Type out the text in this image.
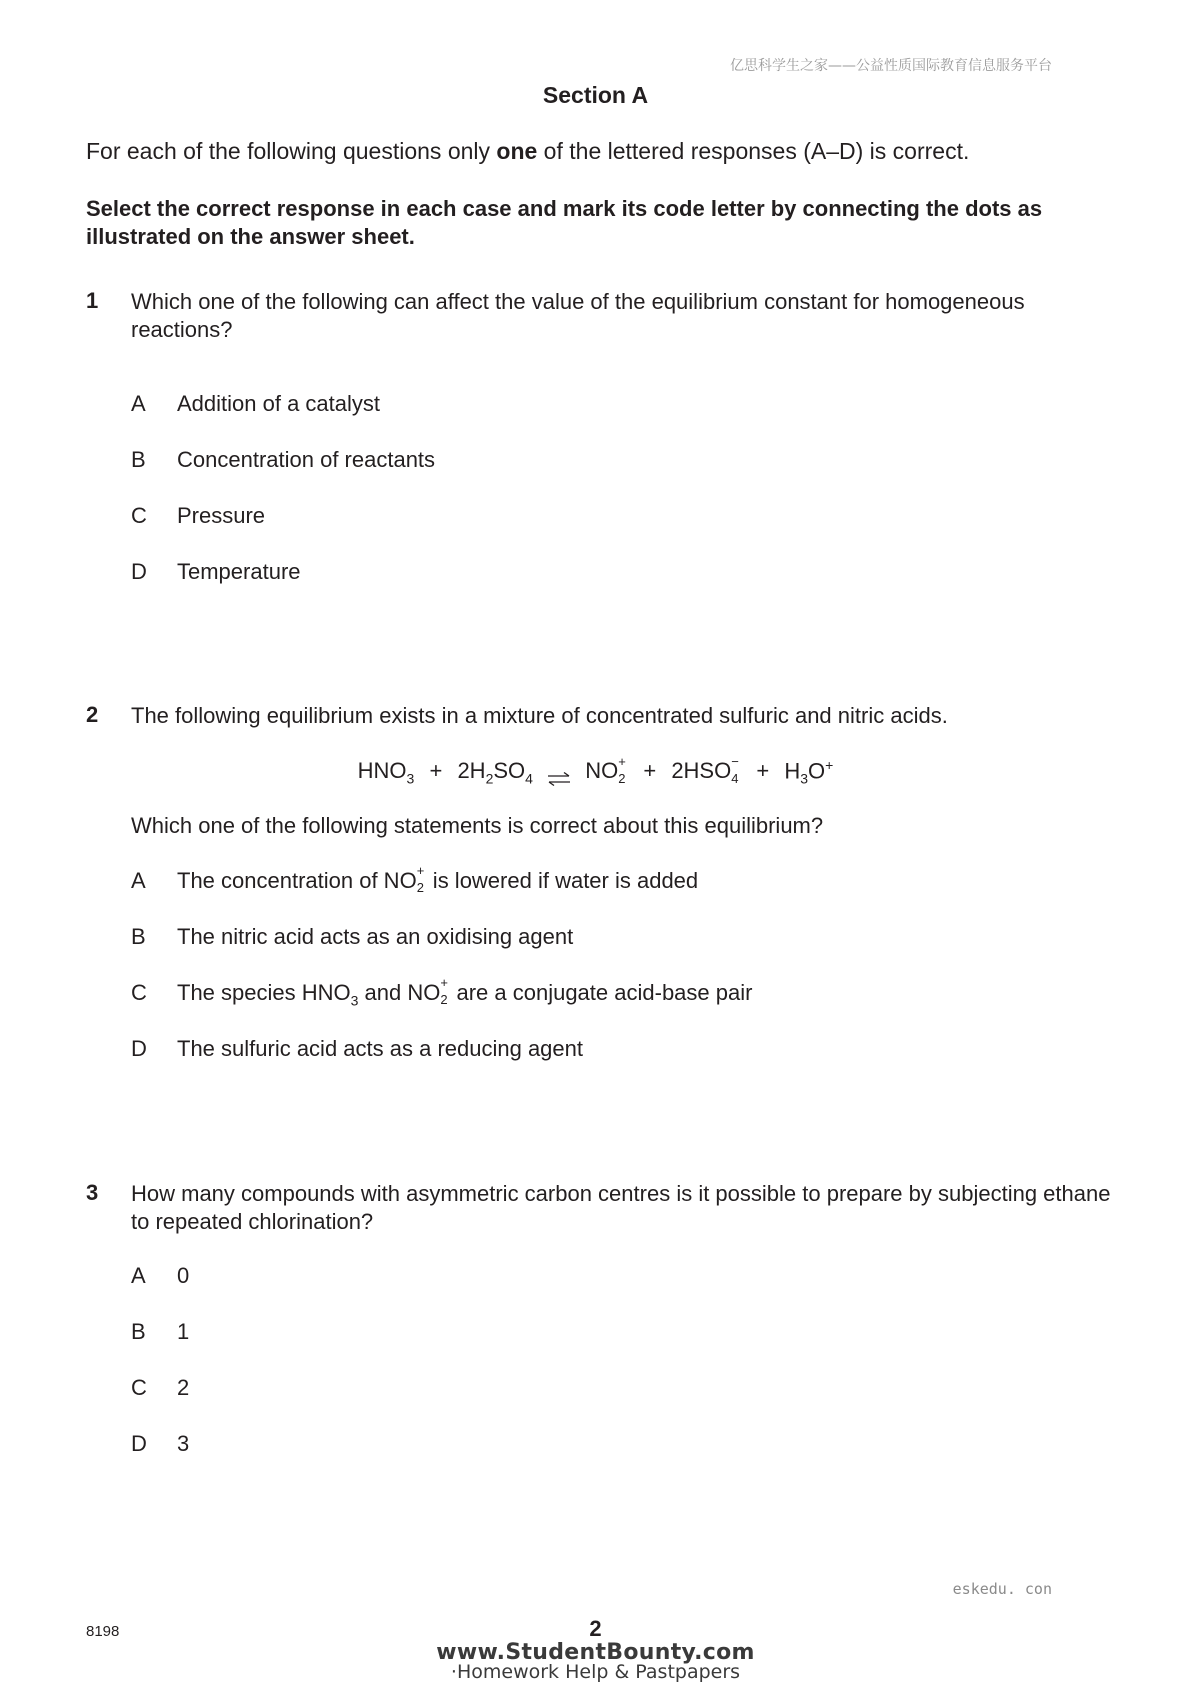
亿思科学生之家——公益性质国际教育信息服务平台
Section A
For each of the following questions only one of the lettered responses (A–D) is correct.
Select the correct response in each case and mark its code letter by connecting the dots as illustrated on the answer sheet.
1 Which one of the following can affect the value of the equilibrium constant for homogeneous reactions?
A Addition of a catalyst
B Concentration of reactants
C Pressure
D Temperature
2 The following equilibrium exists in a mixture of concentrated sulfuric and nitric acids.
$HNO_3 + 2H_2SO_4$ ⇌ NO +
2 + 2HSO −
$4 + H_3O^+$
Which one of the following statements is correct about this equilibrium?
A The concentration of NO +
2 is lowered if water is added
B The nitric acid acts as an oxidising agent
C The species $HNO_3$ and NO +
2 are a conjugate acid-base pair
D The sulfuric acid acts as a reducing agent
3 How many compounds with asymmetric carbon centres is it possible to prepare by subjecting ethane to repeated chlorination?
A 0
B 1
C 2
D 3
eskedu. con
8198	2
www.StudentBounty.com
·Homework Help & Pastpapers
